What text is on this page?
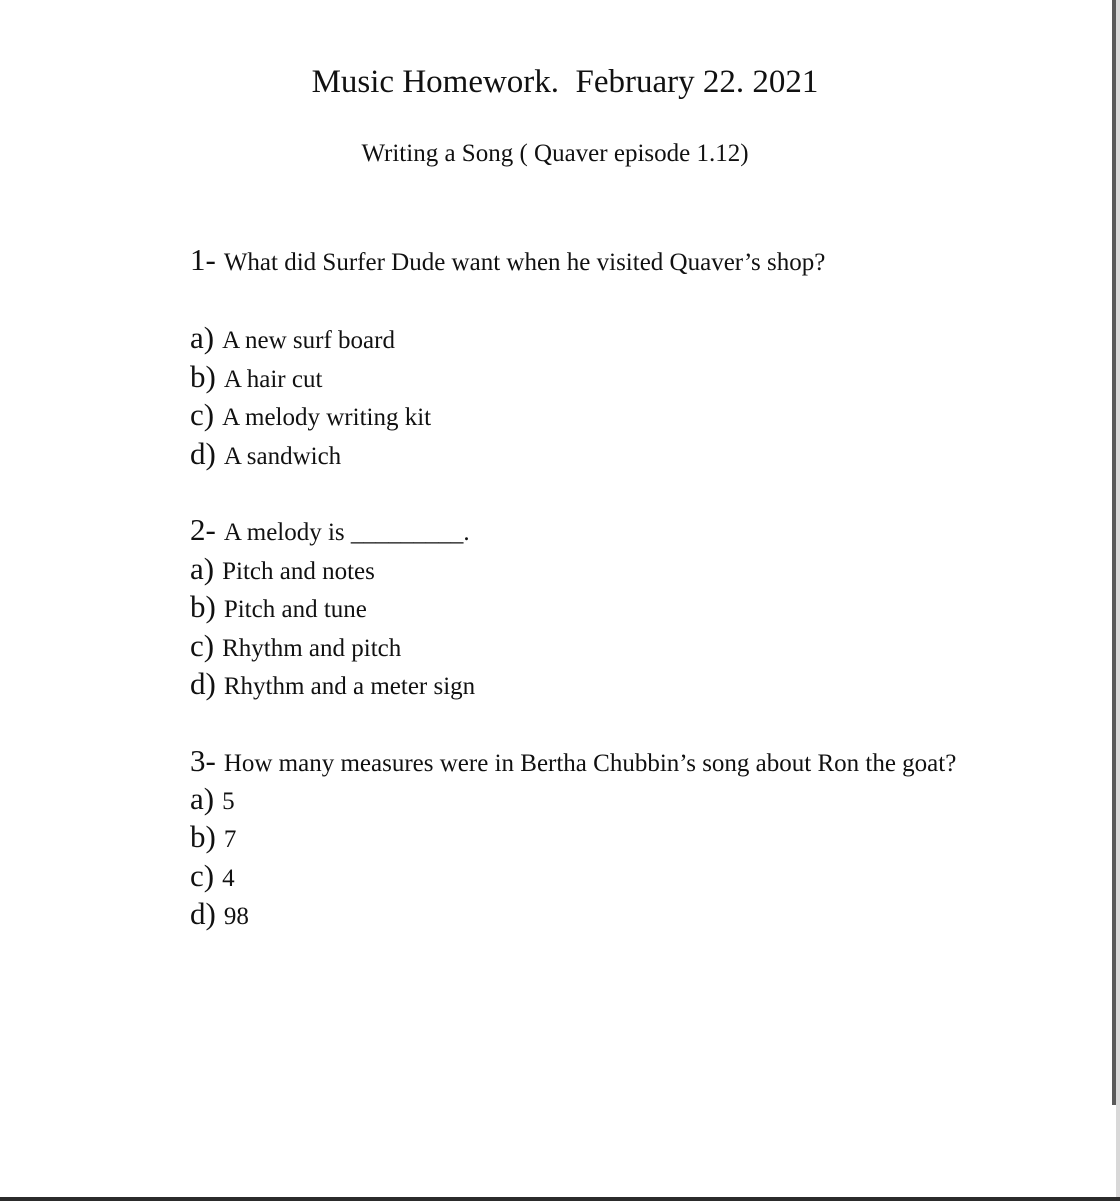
Music Homework.  February 22. 2021
Writing a Song ( Quaver episode 1.12)

1- What did Surfer Dude want when he visited Quaver’s shop?

a) A new surf board

b) A hair cut

c) A melody writing kit

d) A sandwich

2- A melody is _________.

a) Pitch and notes

b) Pitch and tune

c) Rhythm and pitch

d) Rhythm and a meter sign

3- How many measures were in Bertha Chubbin’s song about Ron the goat?

a) 5

b) 7

c) 4

d) 98
